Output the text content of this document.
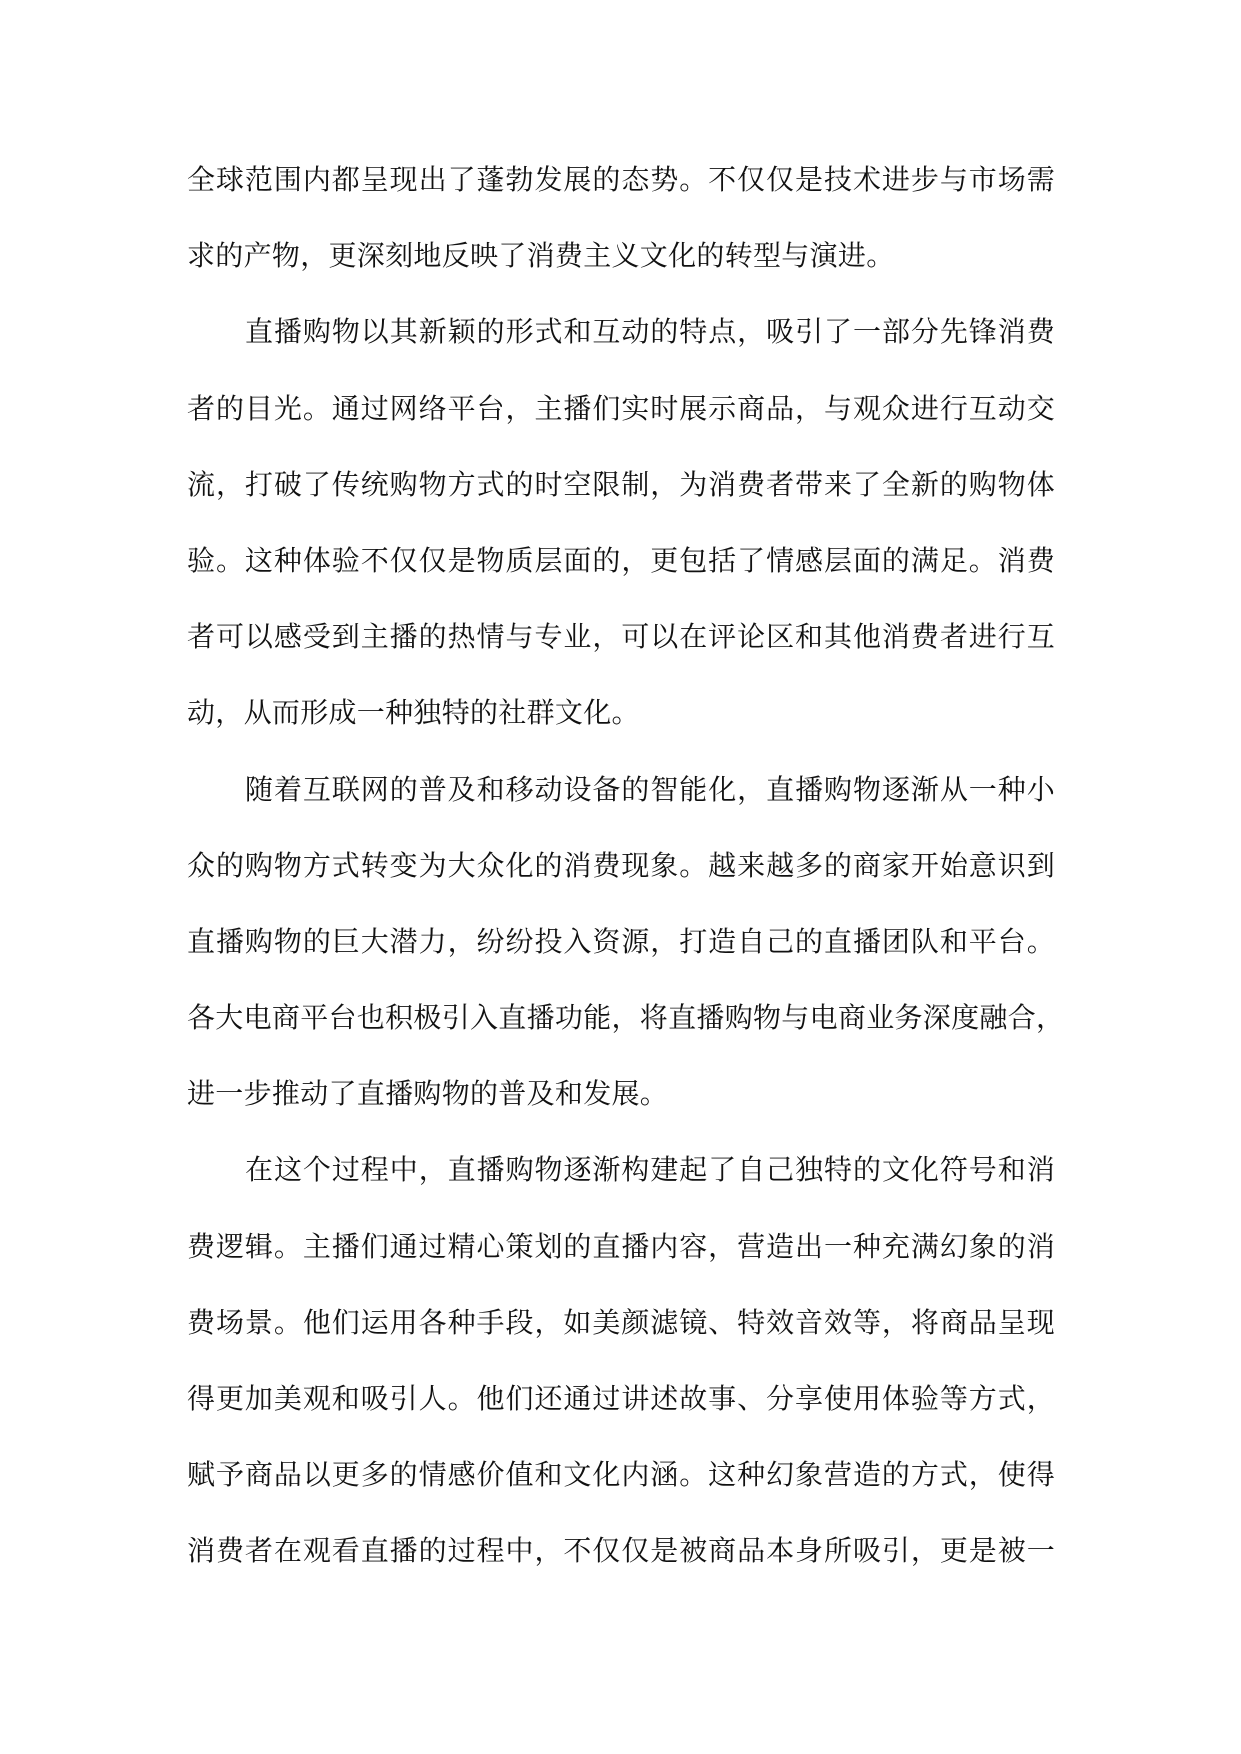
全球范围内都呈现出了蓬勃发展的态势。不仅仅是技术进步与市场需
求的产物，更深刻地反映了消费主义文化的转型与演进。
直播购物以其新颖的形式和互动的特点，吸引了一部分先锋消费
者的目光。通过网络平台，主播们实时展示商品，与观众进行互动交
流，打破了传统购物方式的时空限制，为消费者带来了全新的购物体
验。这种体验不仅仅是物质层面的，更包括了情感层面的满足。消费
者可以感受到主播的热情与专业，可以在评论区和其他消费者进行互
动，从而形成一种独特的社群文化。
随着互联网的普及和移动设备的智能化，直播购物逐渐从一种小
众的购物方式转变为大众化的消费现象。越来越多的商家开始意识到
直播购物的巨大潜力，纷纷投入资源，打造自己的直播团队和平台。
各大电商平台也积极引入直播功能，将直播购物与电商业务深度融合，
进一步推动了直播购物的普及和发展。
在这个过程中，直播购物逐渐构建起了自己独特的文化符号和消
费逻辑。主播们通过精心策划的直播内容，营造出一种充满幻象的消
费场景。他们运用各种手段，如美颜滤镜、特效音效等，将商品呈现
得更加美观和吸引人。他们还通过讲述故事、分享使用体验等方式，
赋予商品以更多的情感价值和文化内涵。这种幻象营造的方式，使得
消费者在观看直播的过程中，不仅仅是被商品本身所吸引，更是被一
